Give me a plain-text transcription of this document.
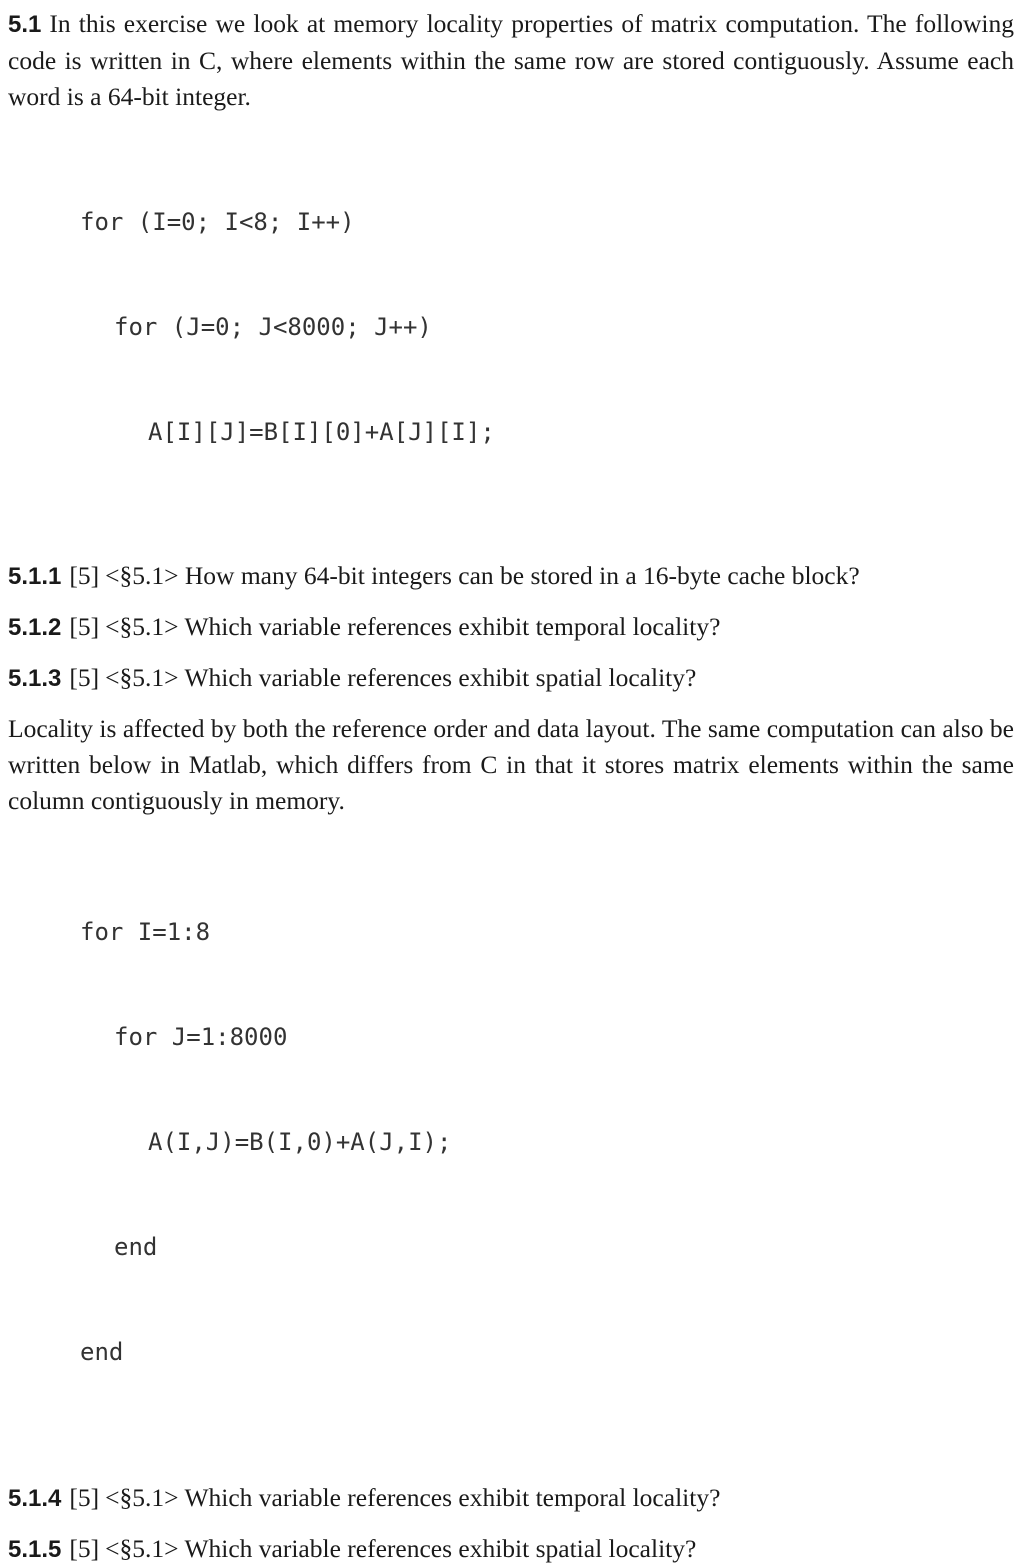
5.1 In this exercise we look at memory locality properties of matrix computation. The following code is written in C, where elements within the same row are stored contiguously. Assume each word is a 64-bit integer.

for (I=0; I<8; I++)

for (J=0; J<8000; J++)

A[I][J]=B[I][0]+A[J][I];

5.1.1 [5] <§5.1> How many 64-bit integers can be stored in a 16-byte cache block?

5.1.2 [5] <§5.1> Which variable references exhibit temporal locality?

5.1.3 [5] <§5.1> Which variable references exhibit spatial locality?

Locality is affected by both the reference order and data layout. The same computation can also be written below in Matlab, which differs from C in that it stores matrix elements within the same column contiguously in memory.

for I=1:8

for J=1:8000

A(I,J)=B(I,0)+A(J,I);

end

end

5.1.4 [5] <§5.1> Which variable references exhibit temporal locality?

5.1.5 [5] <§5.1> Which variable references exhibit spatial locality?
